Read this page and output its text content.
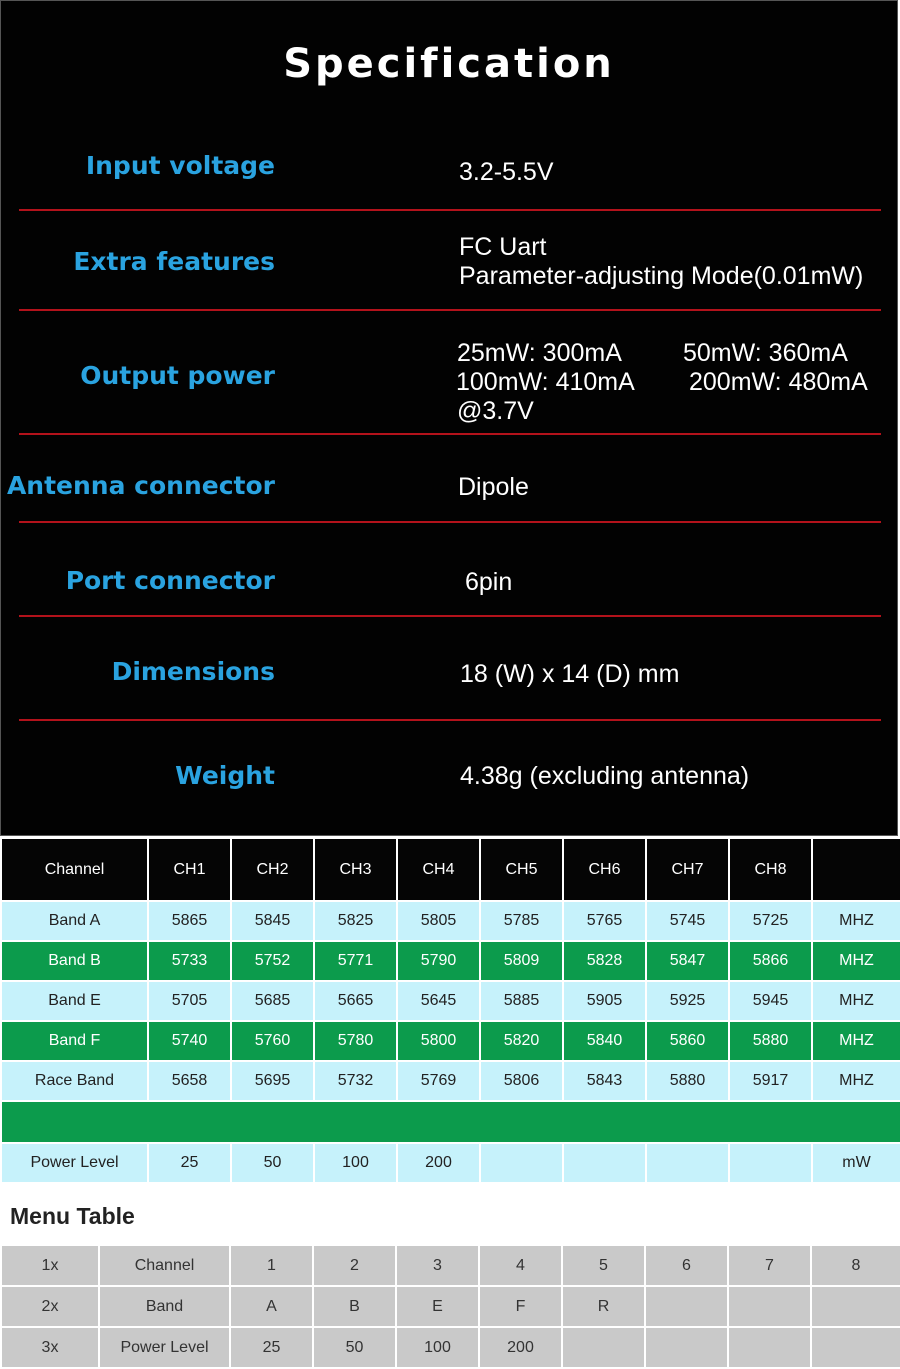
Specification
Input voltage	3.2-5.5V
Extra features	FC Uart
Parameter-adjusting Mode(0.01mW)
Output power
25mW: 300mA 50mW: 360mA
100mW: 410mA 200mW: 480mA
@3.7V
Antenna connector	Dipole
Port connector	6pin
Dimensions	18 (W) x 14 (D) mm
Weight	4.38g (excluding antenna)
Channel	CH1	CH2	CH3	CH4	CH5	CH6	CH7	CH8	
Band A	5865	5845	5825	5805	5785	5765	5745	5725	MHZ
Band B	5733	5752	5771	5790	5809	5828	5847	5866	MHZ
Band E	5705	5685	5665	5645	5885	5905	5925	5945	MHZ
Band F	5740	5760	5780	5800	5820	5840	5860	5880	MHZ
Race Band	5658	5695	5732	5769	5806	5843	5880	5917	MHZ

Power Level	25	50	100	200					mW
Menu Table
1x	Channel	1	2	3	4	5	6	7	8
2x	Band	A	B	E	F	R			
3x	Power Level	25	50	100	200				
